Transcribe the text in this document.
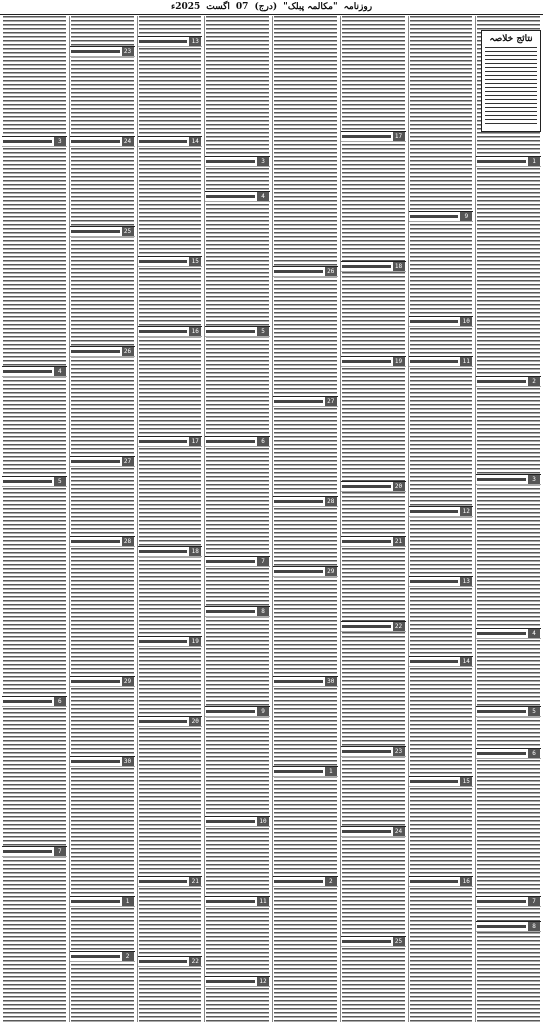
روزنامہ
"مکالمہ پبلک"
(درج)
07
اگست
2025ء
1
2
3
4
5
6
7
8
9
10
11
12
13
14
15
16
17
18
19
20
21
22
23
24
25
26
27
28
29
30
1
2
3
4
5
6
7
8
9
10
11
12
13
14
15
16
17
18
19
20
21
22
23
24
25
26
27
28
29
30
1
2
3
4
5
6
7
نتائج خلاصہ
